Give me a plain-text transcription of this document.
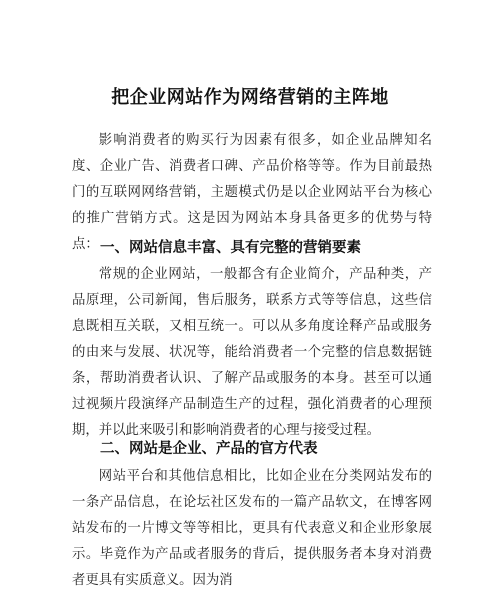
把企业网站作为网络营销的主阵地

影响消费者的购买行为因素有很多，如企业品牌知名度、企业广告、消费者口碑、产品价格等等。作为目前最热门的互联网网络营销，主题模式仍是以企业网站平台为核心的推广营销方式。这是因为网站本身具备更多的优势与特点： 一、网站信息丰富、具有完整的营销要素

常规的企业网站，一般都含有企业简介，产品种类，产品原理，公司新闻，售后服务，联系方式等等信息，这些信息既相互关联，又相互统一。可以从多角度诠释产品或服务的由来与发展、状况等，能给消费者一个完整的信息数据链条，帮助消费者认识、了解产品或服务的本身。甚至可以通过视频片段演绎产品制造生产的过程，强化消费者的心理预期，并以此来吸引和影响消费者的心理与接受过程。

二、网站是企业、产品的官方代表

网站平台和其他信息相比，比如企业在分类网站发布的一条产品信息，在论坛社区发布的一篇产品软文，在博客网站发布的一片博文等等相比，更具有代表意义和企业形象展示。毕竟作为产品或者服务的背后，提供服务者本身对消费者更具有实质意义。因为消
